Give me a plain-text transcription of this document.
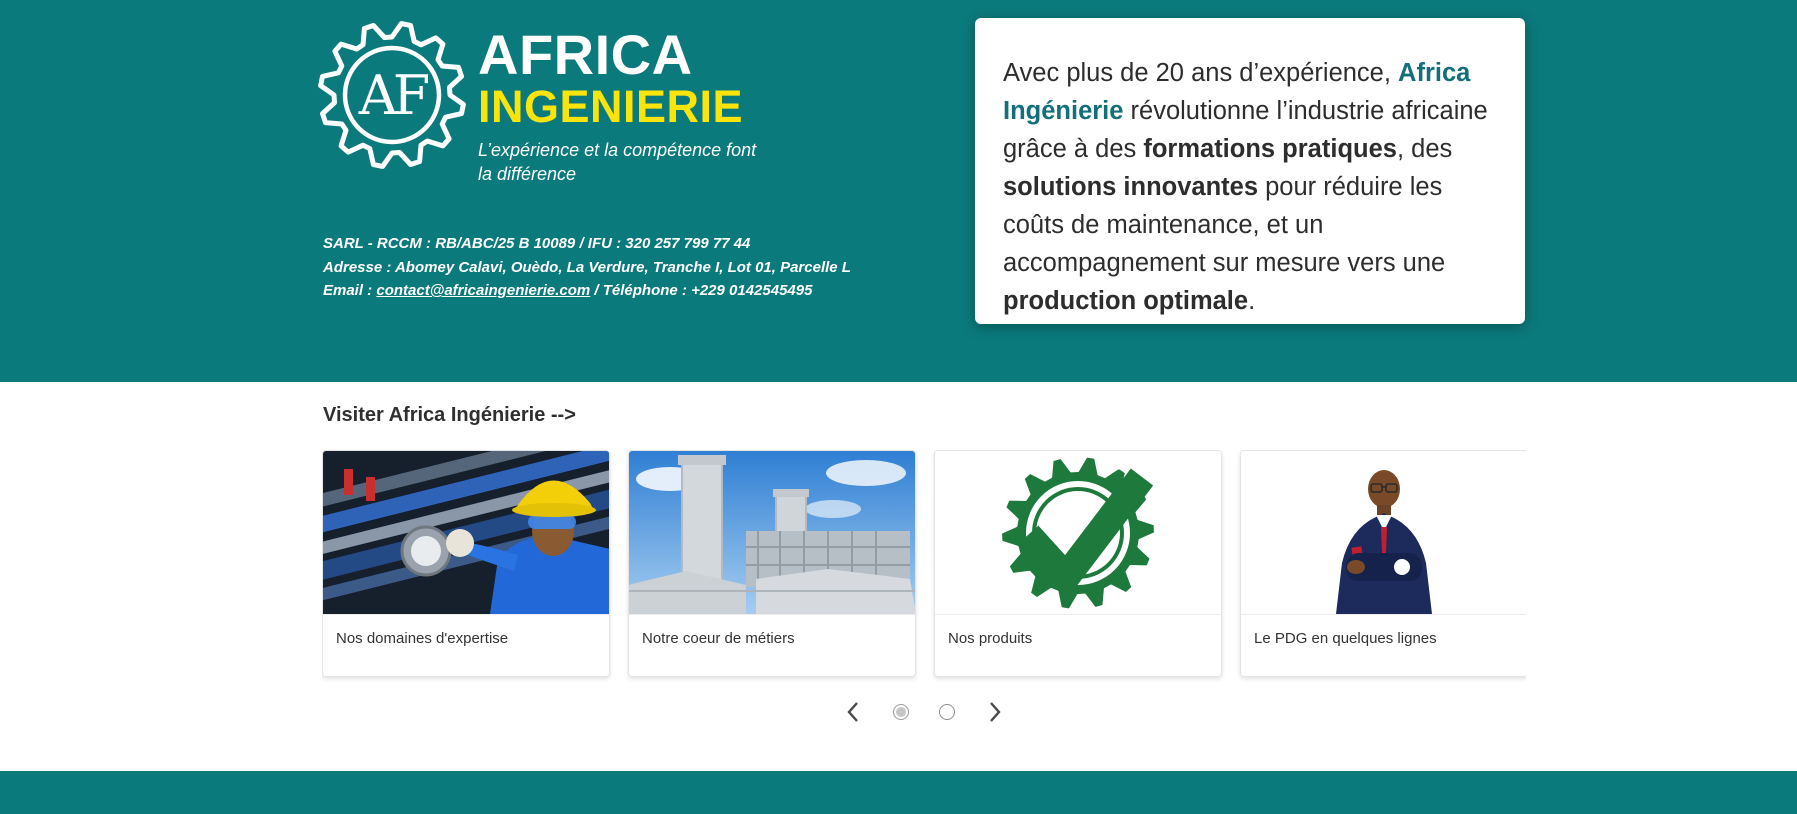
AF
AFRICA
INGENIERIE
L’expérience et la compétence font
la différence
SARL - RCCM : RB/ABC/25 B 10089 / IFU : 320 257 799 77 44
Adresse : Abomey Calavi, Ouèdo, La Verdure, Tranche I, Lot 01, Parcelle L
Email : contact@africaingenierie.com / Téléphone : +229 0142545495
Avec plus de 20 ans d’expérience, Africa Ingénierie révolutionne l’industrie africaine grâce à des formations pratiques, des solutions innovantes pour réduire les coûts de maintenance, et un accompagnement sur mesure vers une production optimale.
Visiter Africa Ingénierie -->
Nos domaines d'expertise	Notre coeur de métiers	Nos produits	Le PDG en quelques lignes
